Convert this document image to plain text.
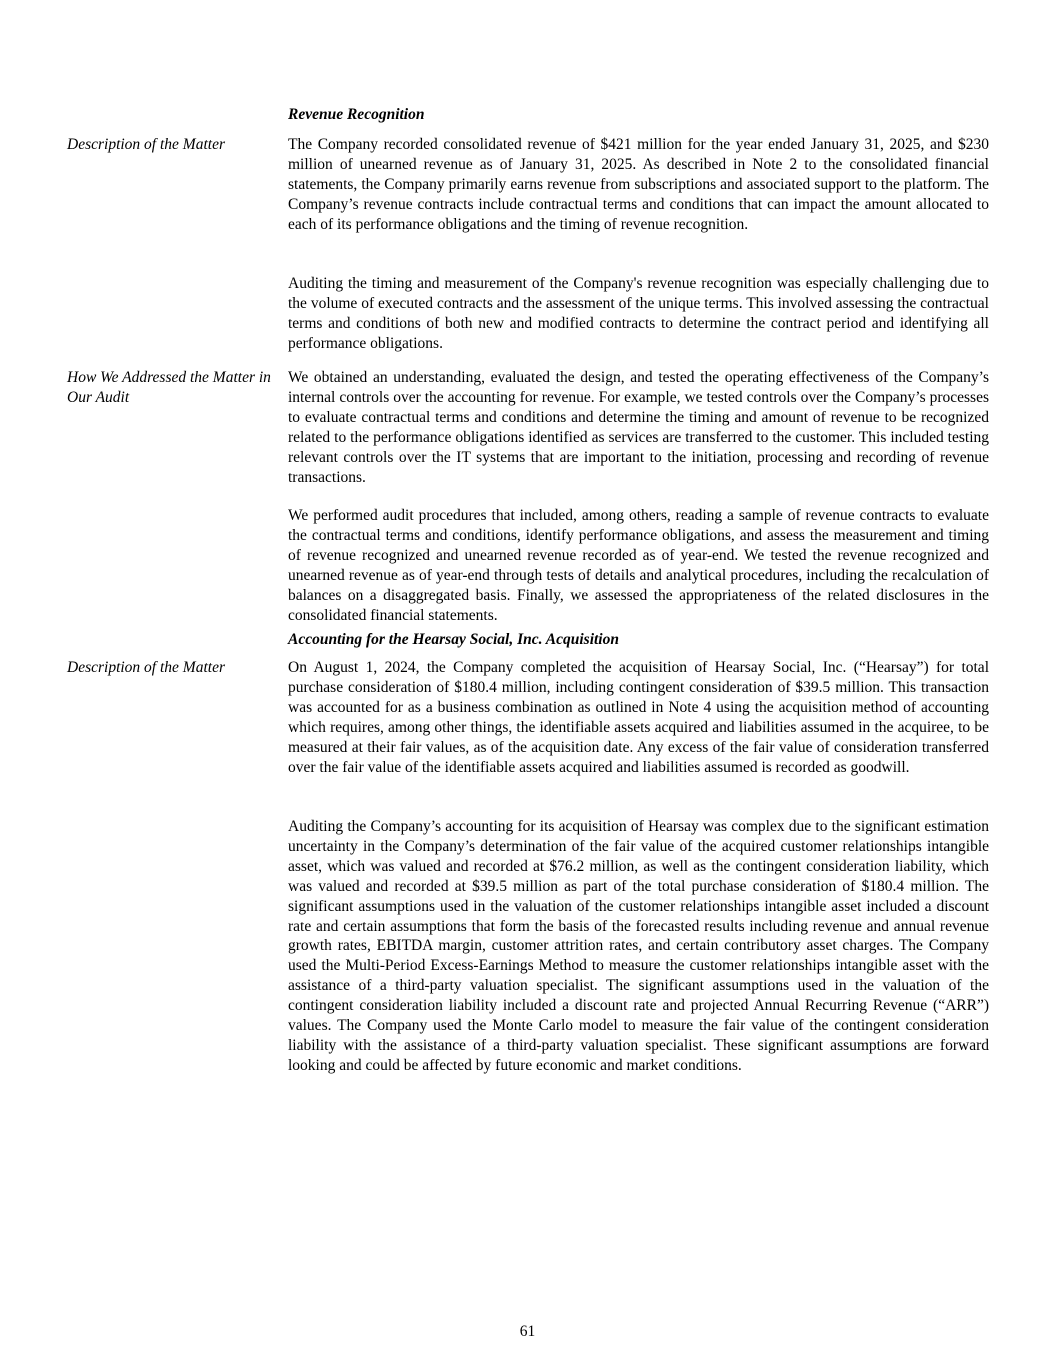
Revenue Recognition
Description of the Matter	The Company recorded consolidated revenue of $421 million for the year ended January 31, 2025, and $230 million of unearned revenue as of January 31, 2025. As described in Note 2 to the consolidated financial statements, the Company primarily earns revenue from subscriptions and associated support to the platform. The Company’s revenue contracts include contractual terms and conditions that can impact the amount allocated to each of its performance obligations and the timing of revenue recognition.

Auditing the timing and measurement of the Company's revenue recognition was especially challenging due to the volume of executed contracts and the assessment of the unique terms. This involved assessing the contractual terms and conditions of both new and modified contracts to determine the contract period and identifying all performance obligations.

How We Addressed the Matter in Our Audit

We obtained an understanding, evaluated the design, and tested the operating effectiveness of the Company’s internal controls over the accounting for revenue. For example, we tested controls over the Company’s processes to evaluate contractual terms and conditions and determine the timing and amount of revenue to be recognized related to the performance obligations identified as services are transferred to the customer. This included testing relevant controls over the IT systems that are important to the initiation, processing and recording of revenue transactions.

We performed audit procedures that included, among others, reading a sample of revenue contracts to evaluate the contractual terms and conditions, identify performance obligations, and assess the measurement and timing of revenue recognized and unearned revenue recorded as of year-end. We tested the revenue recognized and unearned revenue as of year-end through tests of details and analytical procedures, including the recalculation of balances on a disaggregated basis. Finally, we assessed the appropriateness of the related disclosures in the consolidated financial statements.

Accounting for the Hearsay Social, Inc. Acquisition
Description of the Matter	On August 1, 2024, the Company completed the acquisition of Hearsay Social, Inc. (“Hearsay”) for total purchase consideration of $180.4 million, including contingent consideration of $39.5 million. This transaction was accounted for as a business combination as outlined in Note 4 using the acquisition method of accounting which requires, among other things, the identifiable assets acquired and liabilities assumed in the acquiree, to be measured at their fair values, as of the acquisition date. Any excess of the fair value of consideration transferred over the fair value of the identifiable assets acquired and liabilities assumed is recorded as goodwill.

Auditing the Company’s accounting for its acquisition of Hearsay was complex due to the significant estimation uncertainty in the Company’s determination of the fair value of the acquired customer relationships intangible asset, which was valued and recorded at $76.2 million, as well as the contingent consideration liability, which was valued and recorded at $39.5 million as part of the total purchase consideration of $180.4 million. The significant assumptions used in the valuation of the customer relationships intangible asset included a discount rate and certain assumptions that form the basis of the forecasted results including revenue and annual revenue growth rates, EBITDA margin, customer attrition rates, and certain contributory asset charges. The Company used the Multi-Period Excess-Earnings Method to measure the customer relationships intangible asset with the assistance of a third-party valuation specialist. The significant assumptions used in the valuation of the contingent consideration liability included a discount rate and projected Annual Recurring Revenue (“ARR”) values. The Company used the Monte Carlo model to measure the fair value of the contingent consideration liability with the assistance of a third-party valuation specialist. These significant assumptions are forward looking and could be affected by future economic and market conditions.

61
